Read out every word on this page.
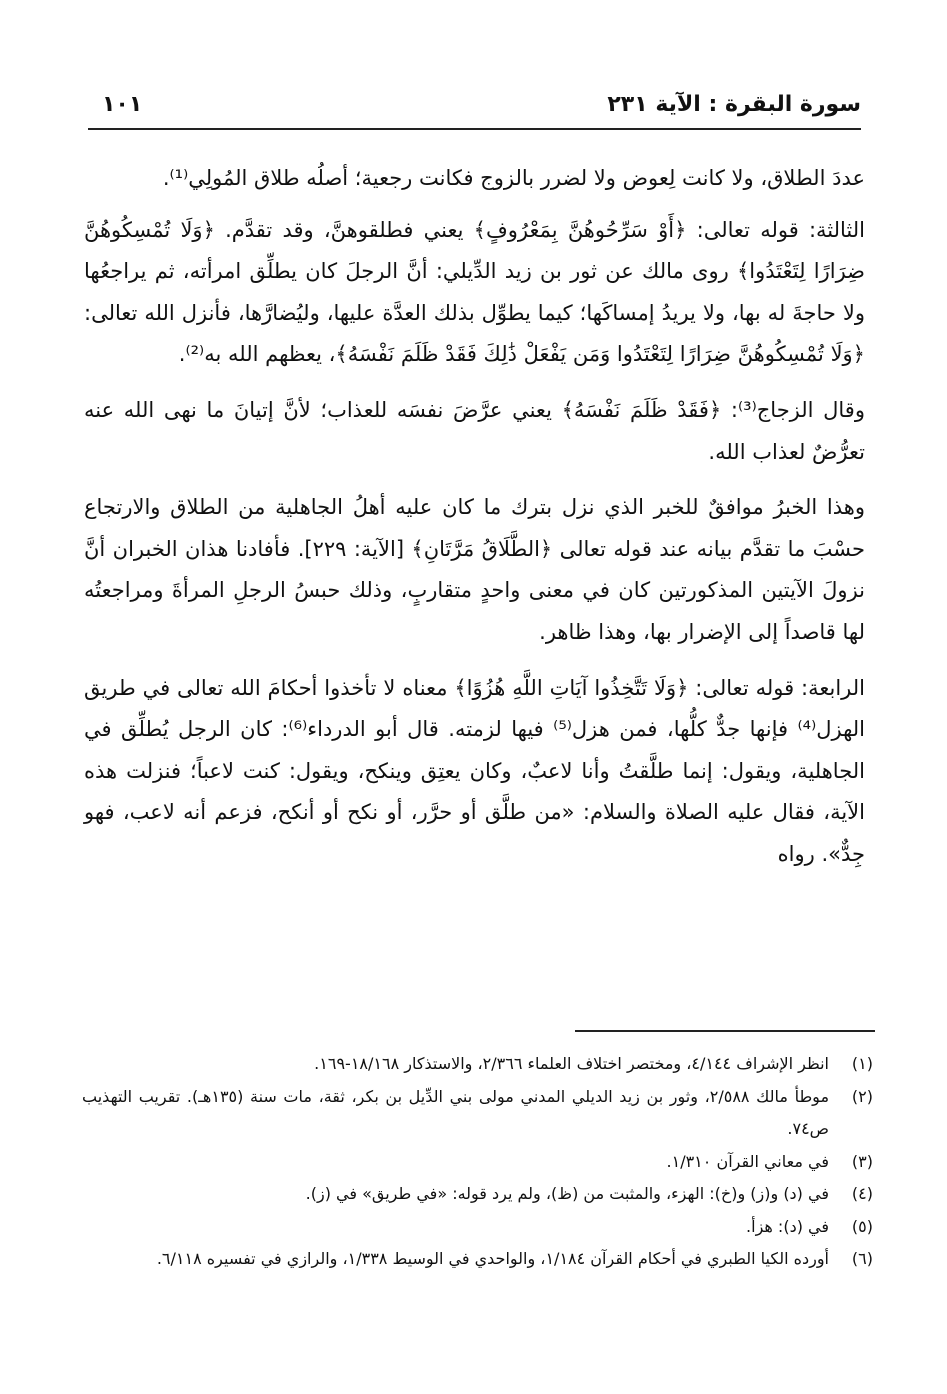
سورة البقرة : الآية ٢٣١
١٠١

عددَ الطلاق، ولا كانت لِعوض ولا لضرر بالزوج فكانت رجعية؛ أصلُه طلاق المُولِي⁽¹⁾.

الثالثة: قوله تعالى: ﴿أَوْ سَرِّحُوهُنَّ بِمَعْرُوفٍ﴾ يعني فطلقوهنَّ، وقد تقدَّم. ﴿وَلَا تُمْسِكُوهُنَّ ضِرَارًا لِتَعْتَدُوا﴾ روى مالك عن ثور بن زيد الدِّيلي: أنَّ الرجلَ كان يطلِّق امرأته، ثم يراجعُها ولا حاجةَ له بها، ولا يريدُ إمساكَها؛ كيما يطوِّل بذلك العدَّة عليها، وليُضارَّها، فأنزل الله تعالى: ﴿وَلَا تُمْسِكُوهُنَّ ضِرَارًا لِتَعْتَدُوا وَمَن يَفْعَلْ ذَٰلِكَ فَقَدْ ظَلَمَ نَفْسَهُ﴾، يعظهم الله به⁽²⁾.

وقال الزجاج⁽³⁾: ﴿فَقَدْ ظَلَمَ نَفْسَهُ﴾ يعني عرَّضَ نفسَه للعذاب؛ لأنَّ إتيانَ ما نهى الله عنه تعرُّضٌ لعذاب الله.

وهذا الخبرُ موافقٌ للخبر الذي نزل بترك ما كان عليه أهلُ الجاهلية من الطلاق والارتجاع حسْبَ ما تقدَّم بيانه عند قوله تعالى ﴿الطَّلَاقُ مَرَّتَانِ﴾ [الآية: ٢٢٩]. فأفادنا هذان الخبران أنَّ نزولَ الآيتين المذكورتين كان في معنى واحدٍ متقاربٍ، وذلك حبسُ الرجلِ المرأةَ ومراجعتُه لها قاصداً إلى الإضرار بها، وهذا ظاهر.

الرابعة: قوله تعالى: ﴿وَلَا تَتَّخِذُوا آيَاتِ اللَّهِ هُزُوًا﴾ معناه لا تأخذوا أحكامَ الله تعالى في طريق الهزل⁽⁴⁾ فإنها جدٌّ كلُّها، فمن هزل⁽⁵⁾ فيها لزمته. قال أبو الدرداء⁽⁶⁾: كان الرجل يُطلِّق في الجاهلية، ويقول: إنما طلَّقتُ وأنا لاعبٌ، وكان يعتِق وينكح، ويقول: كنت لاعباً؛ فنزلت هذه الآية، فقال عليه الصلاة والسلام: «من طلَّق أو حرَّر، أو نكح أو أنكح، فزعم أنه لاعب، فهو جِدٌّ». رواه

(١)
انظر الإشراف ٤/١٤٤، ومختصر اختلاف العلماء ٢/٣٦٦، والاستذكار ١٨/١٦٨-١٦٩.
(٢)
موطأ مالك ٢/٥٨٨، وثور بن زيد الديلي المدني مولى بني الدِّيل بن بكر، ثقة، مات سنة (١٣٥هـ). تقريب التهذيب ص٧٤.
(٣)
في معاني القرآن ١/٣١٠.
(٤)
في (د) و(ز) و(خ): الهزء، والمثبت من (ظ)، ولم يرد قوله: «في طريق» في (ز).
(٥)
في (د): هزأ.
(٦)
أورده الكيا الطبري في أحكام القرآن ١/١٨٤، والواحدي في الوسيط ١/٣٣٨، والرازي في تفسيره ٦/١١٨.
